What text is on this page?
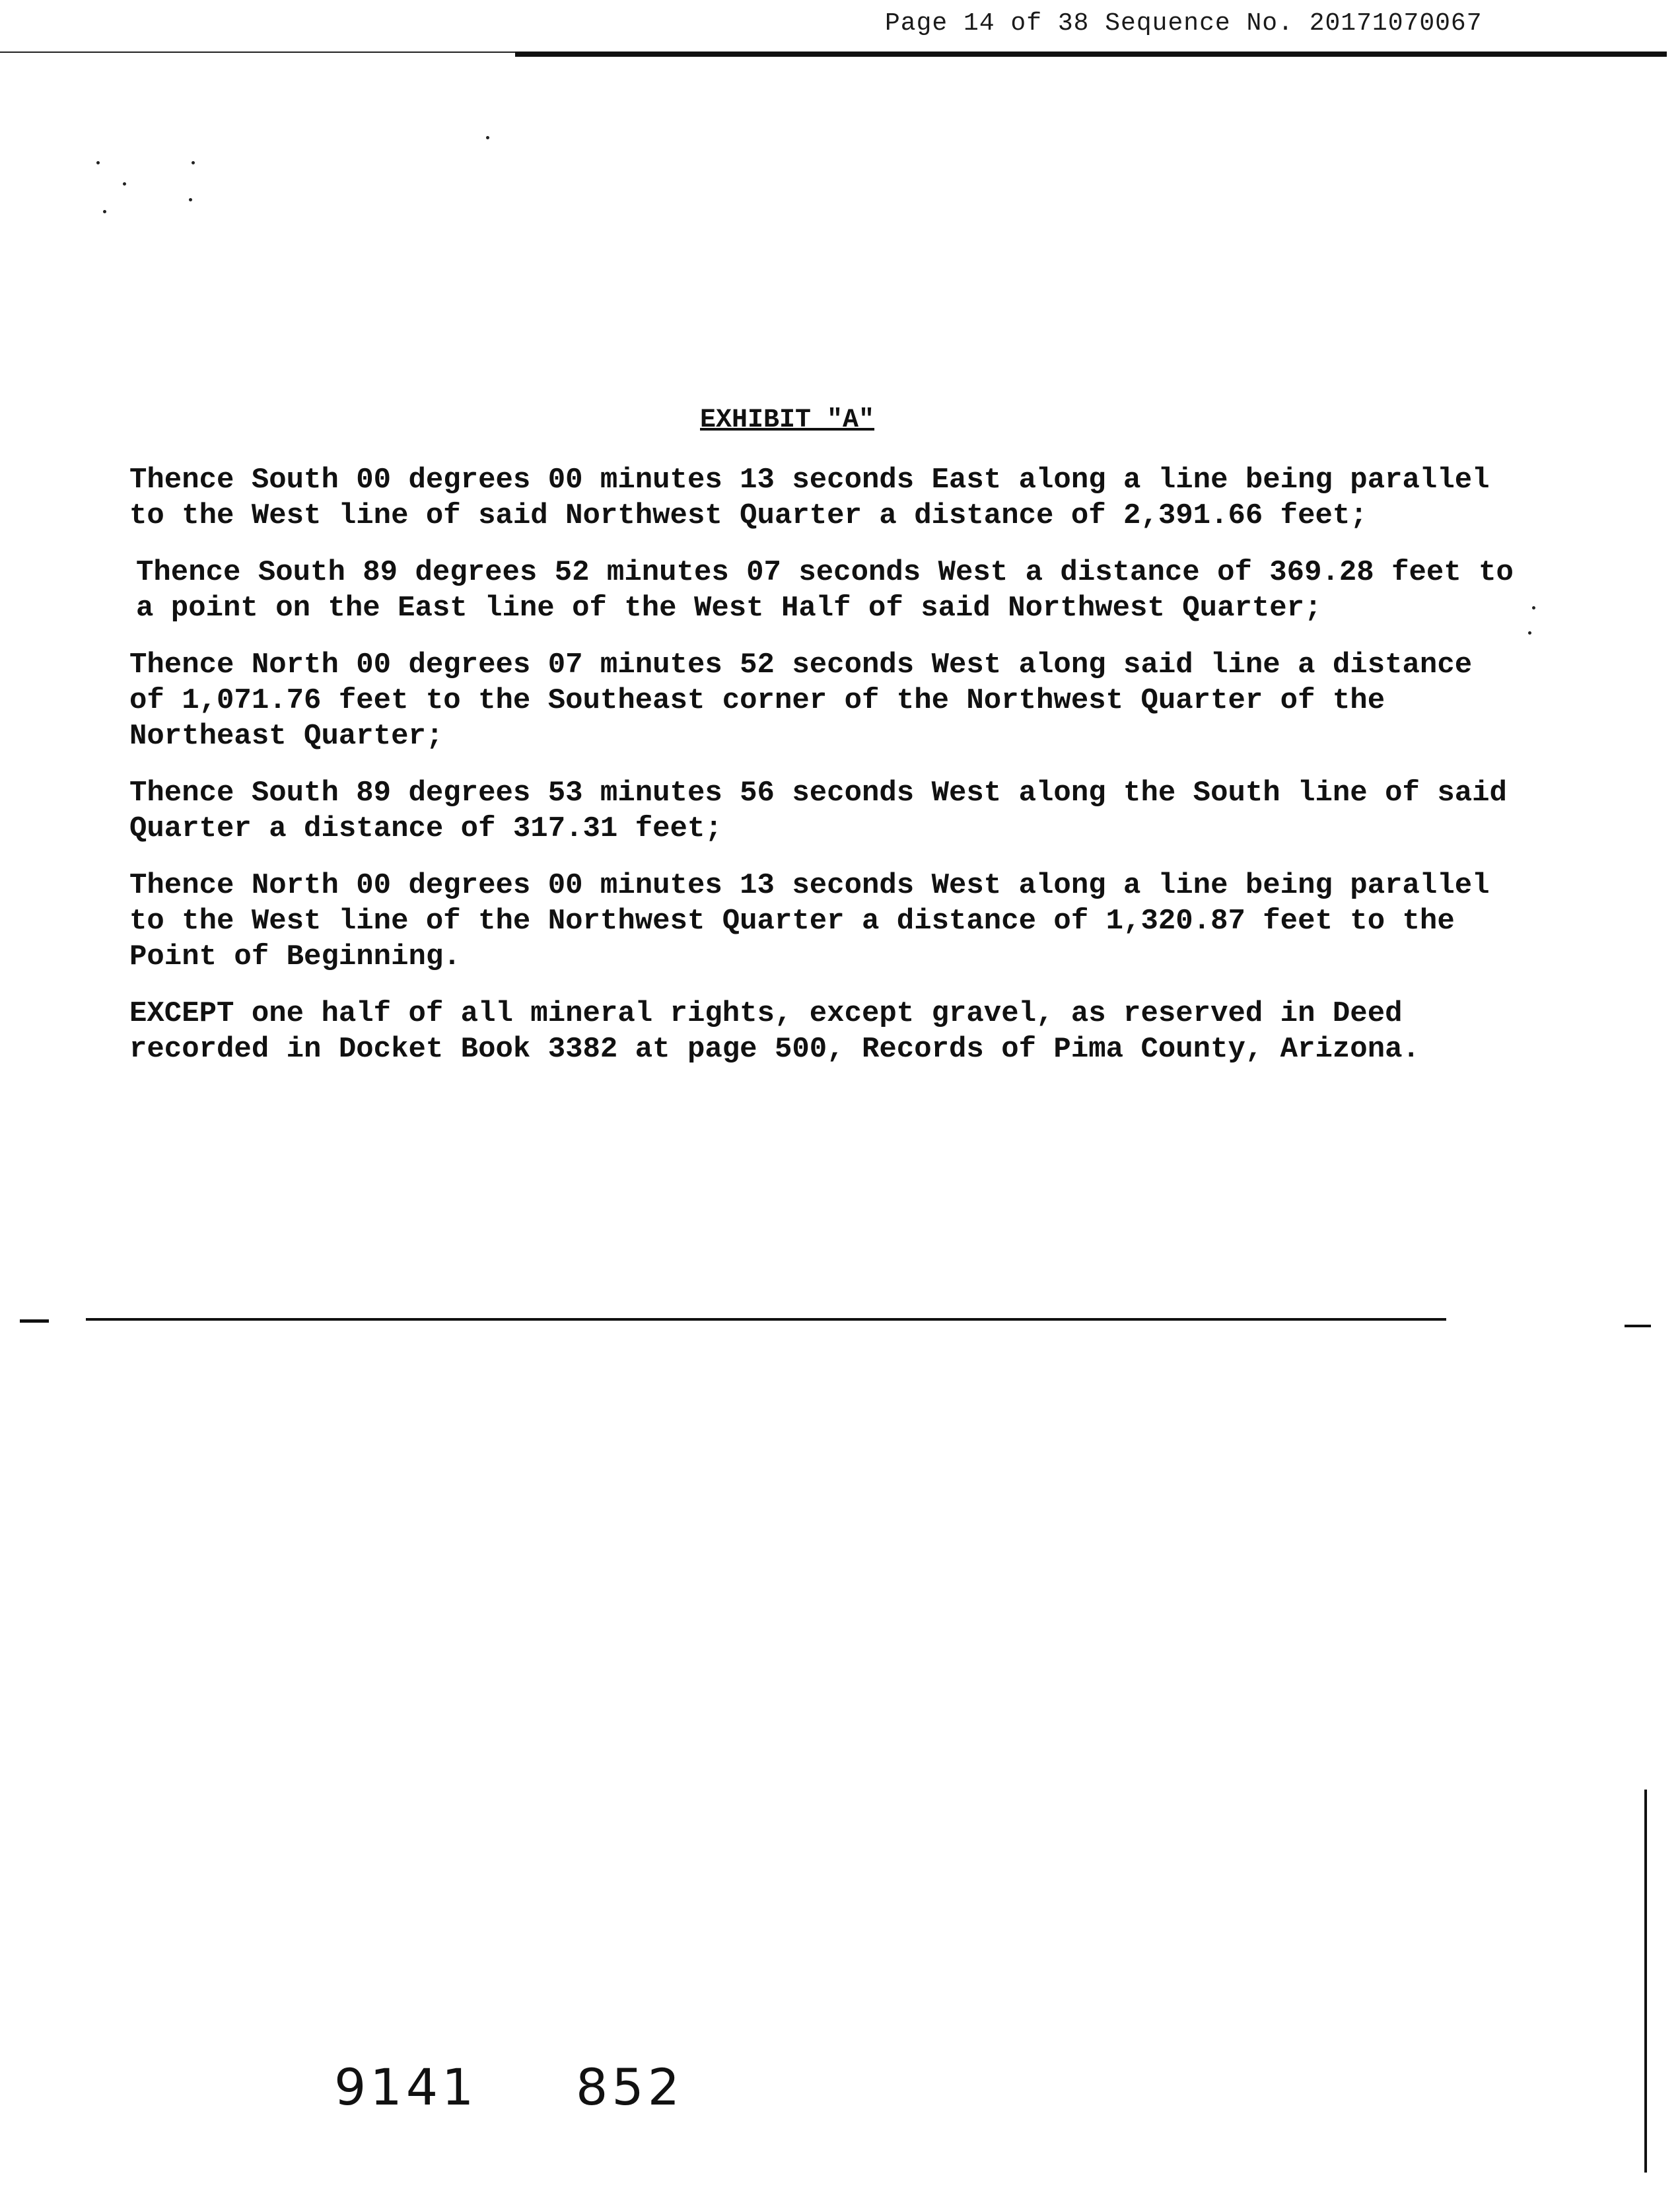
Page 14 of 38 Sequence No. 20171070067
EXHIBIT "A"

Thence South 00 degrees 00 minutes 13 seconds East along a line being parallel
to the West line of said Northwest Quarter a distance of 2,391.66 feet;

Thence South 89 degrees 52 minutes 07 seconds West a distance of 369.28 feet to
a point on the East line of the West Half of said Northwest Quarter;

Thence North 00 degrees 07 minutes 52 seconds West along said line a distance
of 1,071.76 feet to the Southeast corner of the Northwest Quarter of the
Northeast Quarter;

Thence South 89 degrees 53 minutes 56 seconds West along the South line of said
Quarter a distance of 317.31 feet;

Thence North 00 degrees 00 minutes 13 seconds West along a line being parallel
to the West line of the Northwest Quarter a distance of 1,320.87 feet to the
Point of Beginning.

EXCEPT one half of all mineral rights, except gravel, as reserved in Deed
recorded in Docket Book 3382 at page 500, Records of Pima County, Arizona.

9141 852
